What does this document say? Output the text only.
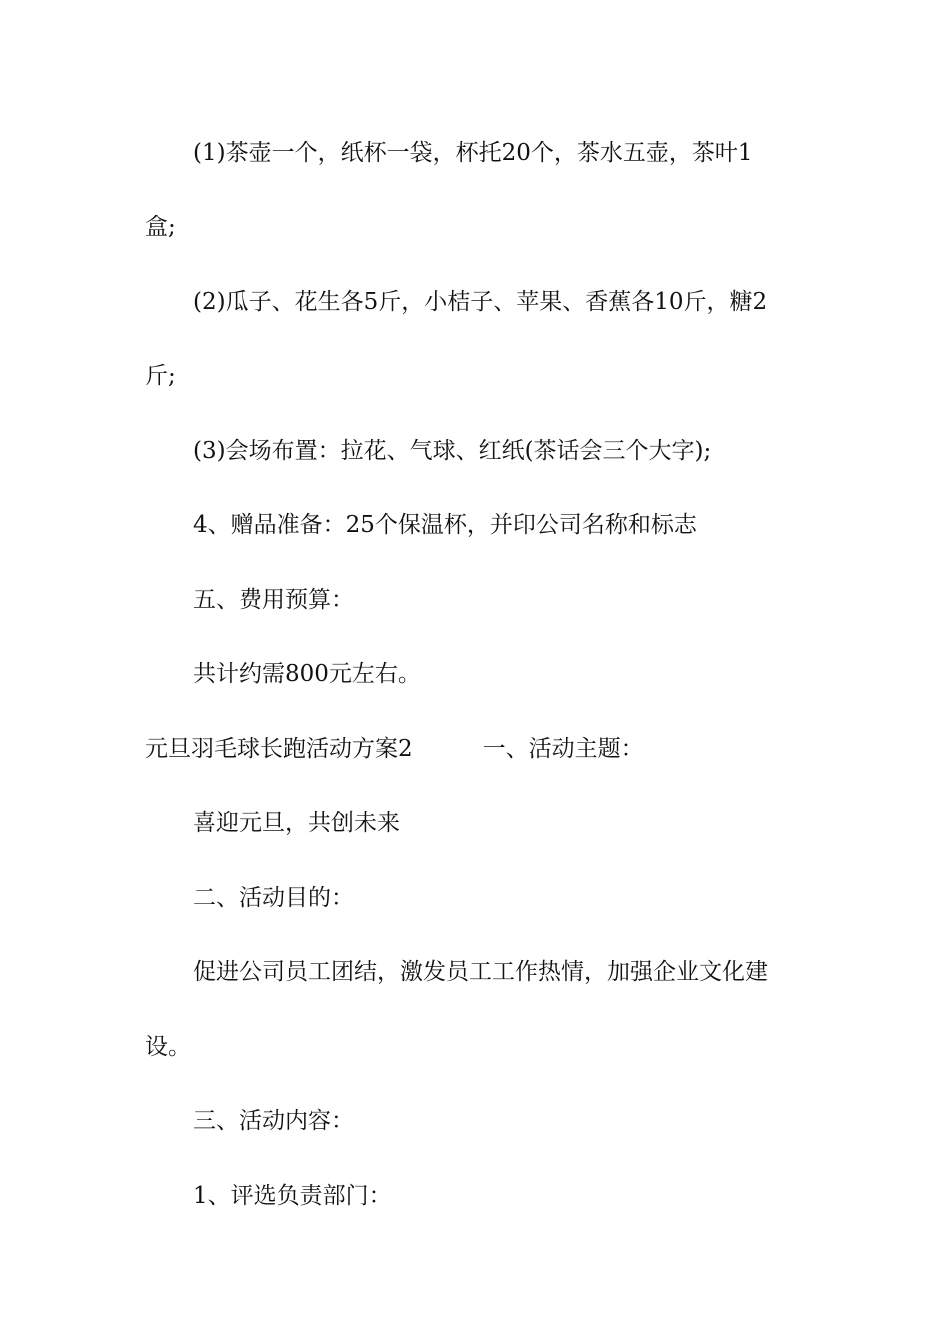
(1)茶壶一个，纸杯一袋，杯托20个，茶水五壶，茶叶1
盒;
(2)瓜子、花生各5斤，小桔子、苹果、香蕉各10斤，糖2
斤;
(3)会场布置：拉花、气球、红纸(茶话会三个大字);
4、赠品准备：25个保温杯，并印公司名称和标志
五、费用预算：
共计约需800元左右。
元旦羽毛球长跑活动方案2	一、活动主题：
喜迎元旦，共创未来
二、活动目的：
促进公司员工团结，激发员工工作热情，加强企业文化建
设。
三、活动内容：
1、评选负责部门：
